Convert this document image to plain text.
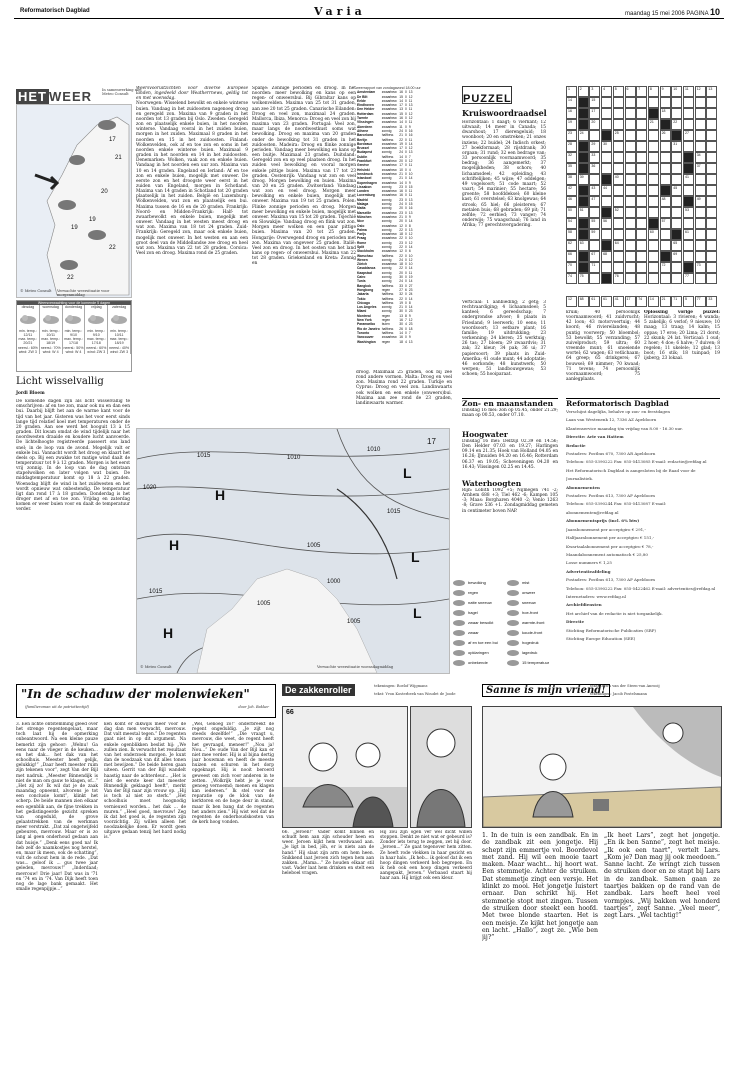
Reformatorisch Dagblad	Varia	maandag 15 mei 2006 PAGINA 10
HET WEER	In samenwerking met Meteo Consult
17
21
20
19
19
22
22
© Meteo Consult Verwachte weersituatie voor morgenmiddag
Weersverwachting voor de komende 5 dagen
dinsdag
min. temp.: 12/11
max. temp.: 20/21
neersl.: 60%
wind: ZW 3
woensdag
min. temp.: 10/11
max. temp.: 18/19
neersl.: 70%
wind: W 4
donderdag
min. temp.: 9/10
max. temp.: 17/18
neersl.: 50%
wind: W 4
vrijdag
min. temp.: 9/10
max. temp.: 17/18
neersl.: 60%
wind: ZW 3
zaterdag
min. temp.: 10/11
max. temp.: 18/19
neersl.: 40%
wind: ZW 3
Licht wisselvallig
Jordi Bloem
De komende dagen zijn als licht wisselvallig te omschrijven: af en toe zon, maar ook nu en dan een bui. Daarbij blijft het aan de warme kant voor de tijd van het jaar. Gisteren was het voor eerst sinds lange tijd relatief koel met temperaturen onder de 20 graden. Aan see werd het hooguit 13 à 15 graden. Dit kwam omdat de wind tijdelijk naar het noordwesten draaide en koudere lucht aanvoerde. De lichtelhoogte registreerde passeert ons land snel; in de loop van de avond. Mogelijk valt er enkele bui. Vannacht wordt het droog en klaart het deels op. Bij een zwakke tot matige wind daalt de temperatuur tot 9 à 12 graden. Morgen is het eerst vrij zonnig. In de loop van de dag ontstaan stapelwolken en later volgen wat buien. De middagtemperatuur komt op 18 à 22 graden. Woensdag blijft de wind in het zuidwesten en het wordt opnieuw wat onbestendig. De temperatuur ligt dan rond 17 à 18 graden. Donderdag is het droger met af en toe zon. Vrijdag en zaterdag komen er weer buien voor en daalt de temperatuur verder.
Weersvooruitzichten voor diverse Europese landen, ingedeeld door Weatherrnews, geldig tot en met woensdag.
Noorwegen: Wisselend bewolkt en enkele winterse buien. Vandaag in het zuidoosten nagenoeg droog en geregeld zon. Maxima van 9 graden in het noorden tot 13 graden bij Oslo. Zweden: Geregeld zon en plaatselijk enkele buien, in het noorden winterse. Vandaag vooral in het zuiden buien, morgen in het zuiden. Maximaal 8 graden in het noorden en 15 in het zuidoosten. Finland: Wolkenvelden, ook af en toe zon en soms in het noorden enkele winterse buien. Maximaal 9 graden in het noorden en 14 in het zuidoosten. Denemarken: Wolken, vaak zon en enkele buien. Vandaag in het noorden een uur zon. Maxima van 10 en 14 graden. Engeland en Ierland: Af en toe zon en enkele buien, mogelijk met onweer. De eerste zon en het droogste weer eerst in het zuiden van Engeland, morgen in Schotland. Maxima van 14 graden in Schotland tot 20 graden plaatselijk in het zuiden. België en Luxemburg: Wolkenvelden, wat zon en plaatselijk een bui. Maxima tussen de 16 en de 20 graden. Frankrijk: Noord- en Midden-Frankrijk: Half- tot zwaarbewolkt en enkele buien, mogelijk met onweer. Vandaag in het westen meest droog en wat zon. Maxima van 18 tot 24 graden. Zuid-Frankrijk: Geregeld zon, maar ook enkele buien, mogelijk met onweer. In het westen en aan een groot deel van de Middellandse zee droog en heel wat zon. Maxima van 22 tot 28 graden. Corsica: Veel zon en droog. Maxima rond de 25 graden.
Spanje: Zonnige perioden en droog. In het noorden: meer bewolking en kans op een regen- of onweersbui. Bij Gibraltar kans op wolkenvelden. Maxima van 25 tot 31 graden, aan zee 20 tot 25 graden. Canarische Eilanden: Droog en veel zon, maximaal 24 graden. Mallorca, Ibiza, Menorca: Droog en veel zon bij maxima van 23 graden. Portugal: Veel zon, maar langs de noordwestkust soms wat bewolking. Droog en maxima van 20 graden onder de bewolking tot 31 graden in het zuidoosten. Madeira: Droog en flinke zonnige perioden. Vandaag meer bewolking en kans op een buitje. Maximaal 23 graden. Duitsland: Geregeld zon en op veel plaatsen droog. In het zuiden veel bewolking en vooral morgen enkele pittige buien. Maxima van 17 tot 23 graden. Oostenrijk: Vandaag wat zon en veel droog. Morgen bewolking en buien. Maxima van 20 en 25 graden. Zwitserland: Vandaag wat zon en veel droog. Morgen meer bewolking en enkele buien, mogelijk met onweer. Maxima van 19 tot 25 graden. Polen: Flinke zonnige perioden en droog. Morgen meer bewolking en enkele buien, mogelijk met onweer. Maxima van 15 tot 20 graden. Tsjechië en Slowakije: Vandaag droog en flink wat zon. Morgen meer wolken en een paar pittige buien. Maxima van 20 tot 25 graden. Hongarije: Overwegend droog en perioden met zon. Maxima van ongeveer 25 graden. Italië: Veel zon en droog. In het oosten van het land kans op regen- of onweersbui. Maxima van 22 tot 28 graden. Griekenland en Kreta: Zonnig en
weerrapport van zondagavond 18.00 uur
Amsterdam	zwaarbew.	16	0	13
De Bilt	zwaarbew.	15	0	12
Eelde	zwaarbew.	14	0	11
Eindhoven	zwaarbew.	17	0	13
Den Helder	zwaarbew.	13	0	11
Rotterdam	zwaarbew.	15	0	12
Twente	zwaarbew.	16	0	12
Vlissingen	zwaarbew.	14	0	11
Aberdeen	zwaarbew.	11	0	9
Athene	zonnig	24	0	16
Barcelona	halfbew.	21	0	16
Berlijn	halfbew.	22	0	11
Bordeaux	zwaarbew.	19	0	14
Brussel	zwaarbew.	17	0	12
Budapest	zonnig	24	0	13
Dublin	halfbew.	14	0	7
Frankfurt	zwaarbew.	20	0	12
Genève	zwaarbew.	17	0	11
Helsinki	zwaarbew.	10	0	4
Innsbruck	zwaarbew.	21	0	10
Istanboel	zonnig	21	0	14
Kopenhagen	zwaarbew.	14	0	9
Lissabon	zonnig	23	0	15
Londen	zwaarbew.	16	0	11
Luxemburg	zwaarbew.	16	0	11
Madrid	zonnig	23	0	13
Malaga	zonnig	24	0	15
Malta	zonnig	20	0	16
Marseille	zwaarbew.	23	0	13
München	zwaarbew.	21	0	9
Nice	zonnig	20	0	14
Oslo	zwaarbew.	12	0	8
Palma	zonnig	22	0	13
Parijs	zwaarbew.	18	0	12
Praag	zwaarbew.	22	0	10
Rome	zonnig	23	0	12
Split	zonnig	22	0	14
Stockholm	zwaarbew.	12	0	6
Warschau	halfbew.	22	0	10
Wenen	zonnig	24	0	12
Zürich	zwaarbew.	18	0	10
Casablanca	zonnig	22	0	14
Kaapstad	zonnig	20	0	11
Cairo	zonnig	30	0	19
Tunis	zonnig	24	0	14
Bangkok	halfbew.	33	0	27
Hongkong	regen	27	6	23
Jakarta	halfbew.	32	0	24
Tokio	halfbew.	22	0	14
Chicago	halfbew.	19	0	8
Los Angeles	zonnig	21	0	14
Miami	zonnig	30	0	23
Montreal	regen	13	8	9
New York	regen	16	7	12
Paramaribo	buien	30	4	23
Rio de Janeiro	halfbew.	26	0	18
Toronto	halfbew.	14	0	7
Vancouver	zwaarbew.	16	0	9
Washington	regen	18	4	13
droog. Maximaal 25 graden, ook bij zee rond andere vormen. Malta: Droog en veel zon. Maxima rond 22 graden. Turkije en Cyprus: Droog en veel zon. Landinwaarts ook wolken en een enkele (onweers)bui. Maxima aan zee rond de 23 graden, landinwaarts warmer.
1015	1010
1010
1020	H
L
H
L
1005
1000
1005
1005
1015
1015
H
L
17
© Meteo Consult	Verwachte weersituatie woensdagmiddag
bewolking	mist
regen	onweer
natte sneeuw	sneeuw
hagel	hoe-front
zwaar bewolkt	warmte-front
zwaar	koude-front
af en toe een bui	hogedruk
opklaringen	lagedruk
onbekende	15 temperatuur
PUZZEL
Kruiswoordraadsel
Horizontaal: 1 daagt; 6 vierkant; 12 uitwaait; 14 meer in Canada; 15 dwarshout; 17 dierengeluid; 18 woonboot; 20 en omstreken; 21 onzes inziens; 22 buidel; 24 Indisch orkest; 27 boekformaat; 28 rijstdrank; 30 orgaan; 31 rund; 32 een bedrage van; 33 persoonlijk voornaamwoord; 35 bedrag; 36 aangemerkt; 37 mogelijkheden; 38 schors; 40 lichaamsdeel; 42 opleiding; 43 schriftelijken; 45 wijze; 47 oddelgen; 49 vogelsoort; 51 code maart; 52 vaart; 54 marinier; 55 hectare; 56 groente; 58 hoofddeksel; 60 kleine kast; 61 overstelsel; 63 knolgewas; 64 strook; 65 hiel; 66 pleisteren; 67 metalen buis; 68 gebraden; 69 pit; 71 zelfde; 72 eerbied; 73 vanger; 74 onderwijs; 75 waagschaal; 76 land in Afrika; 77 gerechtsvergadering.
Verticaal: 1 aanbieding; 2 getij; 3 rechtvaardiging; 4 lichaamsdeel; 5 kanteel; 6 gereedschap; 7 ondergrondse afvoer; 8 plaats in Friesland; 9 leerwerk; 10 eens; 11 woordsoort; 13 eetbare plant; 16 familie; 19 uitdrukking; 23 verkenning; 24 kleren; 25 werktuig; 26 tas; 27 bloem; 29 zwaardvis; 31 zak; 32 kleur; 34 pak; 36 ui; 37 papiersoort; 39 plaats in Zuid-Amerika; 41 oude munt; 44 adoptatie; 46 oorkonde; 48 kunstwerk; 50 werpen; 51 landbouwgewas; 53 schoen; 55 hooiparaat.
1	2	3	4	5	6	7	8	9	10	11	12	13
14	15
16	17	18
19	20	21	22
23	24	25	26	27
28	29	30	31
32	33	34
35	36	37
38	39	40	41
42	43	44	45
46	47	48	49
50	51	52	53
54	55	56	57
58	59	60	61
62	63	64	65
66	67	68	69
70	71	72	73
74	75	76	77
12	68	61	61	41	17	74	14	21	71	5	77	33
kruik; 40 persoonlijk voornaamwoord; 41 zuidvrucht; 42 loon; 43 motorvoertuig; 44 koord; 46 riviereilanden; 48 puntig voorwerp; 50 bloembol; 53 bewolkt; 55 verzanding; 57 zuivelproduct; 59 ultra; 60 vreemde munt; 61 snoeiende wortel; 62 wagen; 63 vetlichaam; 64 greep; 65 drinkgerei; 67 bouwsel; 69 nimmer; 70 kwaad; 71 tevens; 74 persoonlijk voornaamwoord; 75 aanlegplaats.
Oplossing vorige puzzel: Horizontaal: 3 rivieren; 4 wanda; 5 zakelijk; 6 verlof; 9 nieuwe; 10 maag; 13 traag; 14 kalm; 15 oppas; 17 eros; 20 Lima; 21 dorst; 22 skunk; 24 lat. Verticaal: 1 oud; 2 hoer; 4 doe; 6 halve; 7 duiven; 8 regelen; 11 ukelele; 12 glad; 13 boot; 16 stik; 18 tuinpad; 19 ijsberg; 23 lokaal.
Zon- en maanstanden
Dinsdag 16 mei: zon op 05.45, onder 21.29; maan op 00.53, onder 07.10.
Hoogwater
Dinsdag 16 mei: Delfzijl 02.39 en 14.56; Den Helder 07.03 en 19.27; Harlingen 09.14 en 21.35; Hoek van Holland 04.05 en 16.26; IJmuiden 04.20 en 16.46; Rotterdam 06.37 en 19.05; Scheveningen 04.20 en 16.43; Vlissingen 02.25 en 14.45.
Waterhoogten
Rijn: Lobith 1092 +5; Nijmegen 741 -2; Arnhem 688 +3; Tiel 462 -6; Kampen 105 -3; Maas: Borgharen 4040 -2; Venlo 1263 -8; Grave 536 +1. Zondagmiddag gemeten in centimeter boven NAP.
Reformatorisch Dagblad
Verschijnt dagelijks, behalve op zon- en feestdagen
Laan van Westenenk 12, 7336 AZ Apeldoorn
Klantenservice maandag t/m vrijdag van 8.00 - 16.30 uur.
Directie: Arie van Hattem
Redactie
Postadres: Postbus 670, 7300 AR Apeldoorn
Telefoon: 055-5390222 Fax: 055-5413085 E-mail: redactie@refdag.nl
Het Reformatorisch Dagblad is aangesloten bij de Raad voor de Journalistiek.
Abonnementen
Postadres: Postbus 613, 7300 AP Apeldoorn
Telefoon: 055-5390244 Fax: 055-5413087 E-mail: abonnementen@refdag.nl
Abonnementsprijs (incl. 6% btw)
Jaarabonnement per acceptgiro € 291,-
Halfjaarabonnement per acceptgiro € 151,-
Kwartaalabonnement per acceptgiro € 78,-
Maandabonnement automatisch € 25,80
Losse nummers € 1,25
Advertentieafdeling
Postadres: Postbus 613, 7300 AP Apeldoorn
Telefoon: 055-5390222 Fax: 055-5422462 E-mail: advertenties@refdag.nl
Internetadres: www.refdag.nl
Archiefdiensten
Het archief van de redactie is niet toegankelijk.
Directie
Stichting Reformatorische Publicaties (SRP)
Stichting Europe Education (SEE)
"In de schaduw der molenwieken"
(familieroman uit de patriottentijd)	door Joh. Bakker
3. Een lichte ontstemming gleed over het strenge regentengelaat, maar toch laat hij de opmerking onbeantwoord. Na een kleine pauze bemerkt zijn gehoor: „Welnu! Ga eens naar de vlieger in de keuken... en het dak... het dak van het schoolhuis. Meester heeft gelijk, gelukkig!” „Daar heeft meester ruim zijn tekenen voor”, zegt Van der Bijl met nadruk. „Meester Binnendijk is niet de man om gauw te klagen, of...” „Het zij zo! Ik wil dat je de zaak maandag opneemt, alvorens je tot een conclusie komt”, klinkt het scherp. De beide mannen zien elkaar een ogenblik aan, de fijne trekken in het gedistingeerde gezicht spreken van ongeduld, de grove gelaatstrekken van de werkman meer verstrakt. „Dat zal ongetwijfeld gebeuren, mevrouw. Maar er is zo lang al geen onderhoud gedaan aan dat huisje.” „Denk eens goed na! Ik heb zelf de naamkostjes nog herstel, en, maar ik meen, ook de schatting”, vult de schout hem in de rede. „Dat was... geloof ik ... gus twee jaar geleden, mevrouw!” „Inderdaad; mevrouw! Drie jaar! Dat was in '71 en '74 en in '74. Van Dijk heeft toen nog de lage bank gemaakt. Het smalle regenpijpje...”
ken komt er dikwijls meer voor de dag dan men verwacht, mevrouw. Dat valt meestal tegen.” De regenten gaat niet in op dit argument. Na enkele ogenblikken beslist hij: „We zullen zien. Ik verwacht het resultaat van het onderzoek morgen. Je kunt dan de noodzaak van dit alles tonen met bewijzen.” De beide heren gaan uiteen. Gerrit van der Bijl wandelt haastig naar de achterdeur... „Het is niet de eerste keer dat meester Binnendijk geklaagd heeft”, merkt Van der Bijl naar zijn vrouw op. „Hij is toch al niet zo sterk.” „Het schoolhuis moet hoognodig vernieuwd worden... het dak ... de muren.” „Heel goed, mevrouw! Zeg ik dat het goed is, de regenten zijn voorzichtig. Zij willen alleen het noodzakelijke doen. Er wordt geen uitgave gedaan tenzij het hard nodig is.”
„Wel, Genoeg zo!” onderbreekt de regent ongeduldig. „Je zijt nog steeds dezelfde!” „Die vraagt u, mevrouw, die weet, de regent heeft het gevraagd, meneer!” „Nou ja! Nou...” De oude Van der Bijl kan er niet mee verder. Hij is al bijna dertig jaar bouwman en heeft de meeste huizen en schuren in het dorp opgeknapt. Hij is nooit beroerd geweest om zich voor anderen in te zetten. „Wolkrijk hebt je je voor genoeg vernoemd; menen en klagen kan iedereen.” Ik stel voor de reparatie op de klok van de kerktoren en de hoge deur in stand, maar ik ben bang dat de regenten het anders zien.” Hij wist wel dat de regenten de onderhoudskosten van de kerk hoog vonden.
De zakkenroller	tekeningen: Roelof Wijgmans
tekst: Yvon Kosterbeek van Woudet de Joode
66
66. „Jeroen!” Vader komt binnen en schudt hem aan zijn schouder heen en weer. Jeroen kijkt hem verdwaasd aan. „Je ligt in bed, jôh, er is niets aan de hand.” Hij slaat zijn arm om hem heen. Snikkend laat Jeroen zich tegen hem aan zakken. „Mama...” Ze houden elkaar stil vast. Vader laat hem drinken en stelt een heleboel vragen.
Hij zou zijn ogen ver wel dicht willen stoppen. Denkt ze niet wat er gebeurd is? Zonder iets terug te zeggen, zet hij door. „Jeroen...” Ze gaat tegenover hem zitten. Ze heeft rode vlekken in haar gezicht en in haar hals. „Ik heb... ik geloof dat ik een hoop dingen verkeerd heb begrepen. En ik heb ook een hoop dingen verkeerd aangepakt, Jeroen.” Verbaasd staart hij haar aan. Hij krijgt ook een kleur.
Sanne is mijn vriend!
tekst: Petra van der Steen-van Anrooij
tekeningen: Jacob Postelsmann
1. In de tuin is een zandbak. En in de zandbak zit een jongetje. Hij schept zijn emmertje vol. Boordevol met zand. Hij wil een mooie taart maken. Maar wacht... hij hoort wat. Een stemmetje. Achter de struiken. Dat stemmetje zingt een versje. Het klinkt zo mooi. Het jongetje luistert ernaar. Dan schrikt hij. Het stemmetje stopt met zingen. Tussen de struiken door steekt een hoofd. Met twee blonde staarten. Het is een meisje. Ze kijkt het jongetje aan en lacht. „Hallo”, zegt ze. „Wie ben jij?”
„Ik heet Lars”, zegt het jongetje. „En ik ben Sanne”, zegt het meisje. „Ik ook een taart”, vertelt Lars. „Kom je? Dan mag jij ook meedoen.” Sanne lacht. Ze wringt zich tussen de struiken door en ze stapt bij Lars in de zandbak. Samen gaan ze taartjes bakken op de rand van de zandbak. Lars heeft heel veel vormpjes. „Wij bakken wel honderd taartjes”, zegt Sanne. „Veel meer”, zegt Lars. „Wel tachtig!”
